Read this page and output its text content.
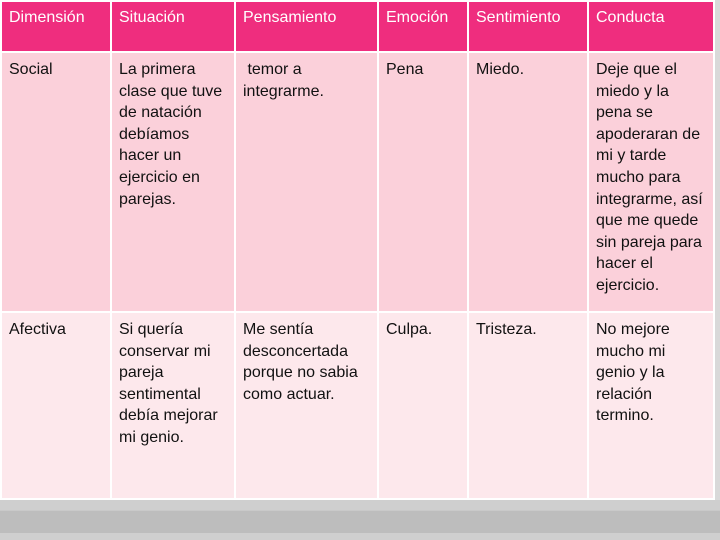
Dimensión	Situación	Pensamiento	Emoción	Sentimiento	Conducta
Social	La primera clase que tuve de natación debíamos hacer un ejercicio en parejas.	temor a integrarme.	Pena	Miedo.	Deje que el miedo y la pena se apoderaran de mi y tarde mucho para integrarme, así que me quede sin pareja para hacer el ejercicio.
Afectiva	Si quería conservar mi pareja sentimental debía mejorar mi genio.	Me sentía desconcertada porque no sabia como actuar.	Culpa.	Tristeza.	No mejore mucho mi genio y la relación termino.
